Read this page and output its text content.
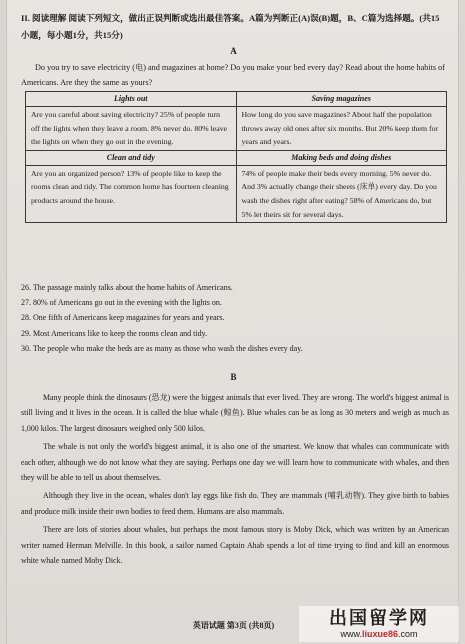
II. 阅读理解 阅读下列短文，做出正误判断或选出最佳答案。A篇为判断正(A)误(B)题，B、C篇为选择题。(共15小题，每小题1分，共15分)
A
Do you try to save electricity (电) and magazines at home? Do you make your bed every day? Read about the home habits of Americans. Are they the same as yours?
Lights out	Saving magazines
Are you careful about saving electricity? 25% of people turn off the lights when they leave a room. 8% never do. 80% leave the lights on when they go out in the evening.	How long do you save magazines? About half the population throws away old ones after six months. But 20% keep them for years and years.
Clean and tidy	Making beds and doing dishes
Are you an organized person? 13% of people like to keep the rooms clean and tidy. The common home has fourteen cleaning products around the house.	74% of people make their beds every morning. 5% never do. And 3% actually change their sheets (床单) every day. Do you wash the dishes right after eating? 58% of Americans do, but 5% let theirs sit for several days.
26. The passage mainly talks about the home habits of Americans.
27. 80% of Americans go out in the evening with the lights on.
28. One fifth of Americans keep magazines for years and years.
29. Most Americans like to keep the rooms clean and tidy.
30. The people who make the beds are as many as those who wash the dishes every day.
B

Many people think the dinosaurs (恐龙) were the biggest animals that ever lived. They are wrong. The world's biggest animal is still living and it lives in the ocean. It is called the blue whale (鲸鱼). Blue whales can be as long as 30 meters and weigh as much as 1,000 kilos. The largest dinosaurs weighed only 500 kilos.

The whale is not only the world's biggest animal, it is also one of the smartest. We know that whales can communicate with each other, although we do not know what they are saying. Perhaps one day we will learn how to communicate with whales, and then they will be able to tell us about themselves.

Although they live in the ocean, whales don't lay eggs like fish do. They are mammals (哺乳动物). They give birth to babies and produce milk inside their own bodies to feed them. Humans are also mammals.

There are lots of stories about whales, but perhaps the most famous story is Moby Dick, which was written by an American writer named Herman Melville. In this book, a sailor named Captain Ahab spends a lot of time trying to find and kill an enormous white whale named Moby Dick.

英语试题 第3页 (共8页)	出国留学网
www.liuxue86.com
